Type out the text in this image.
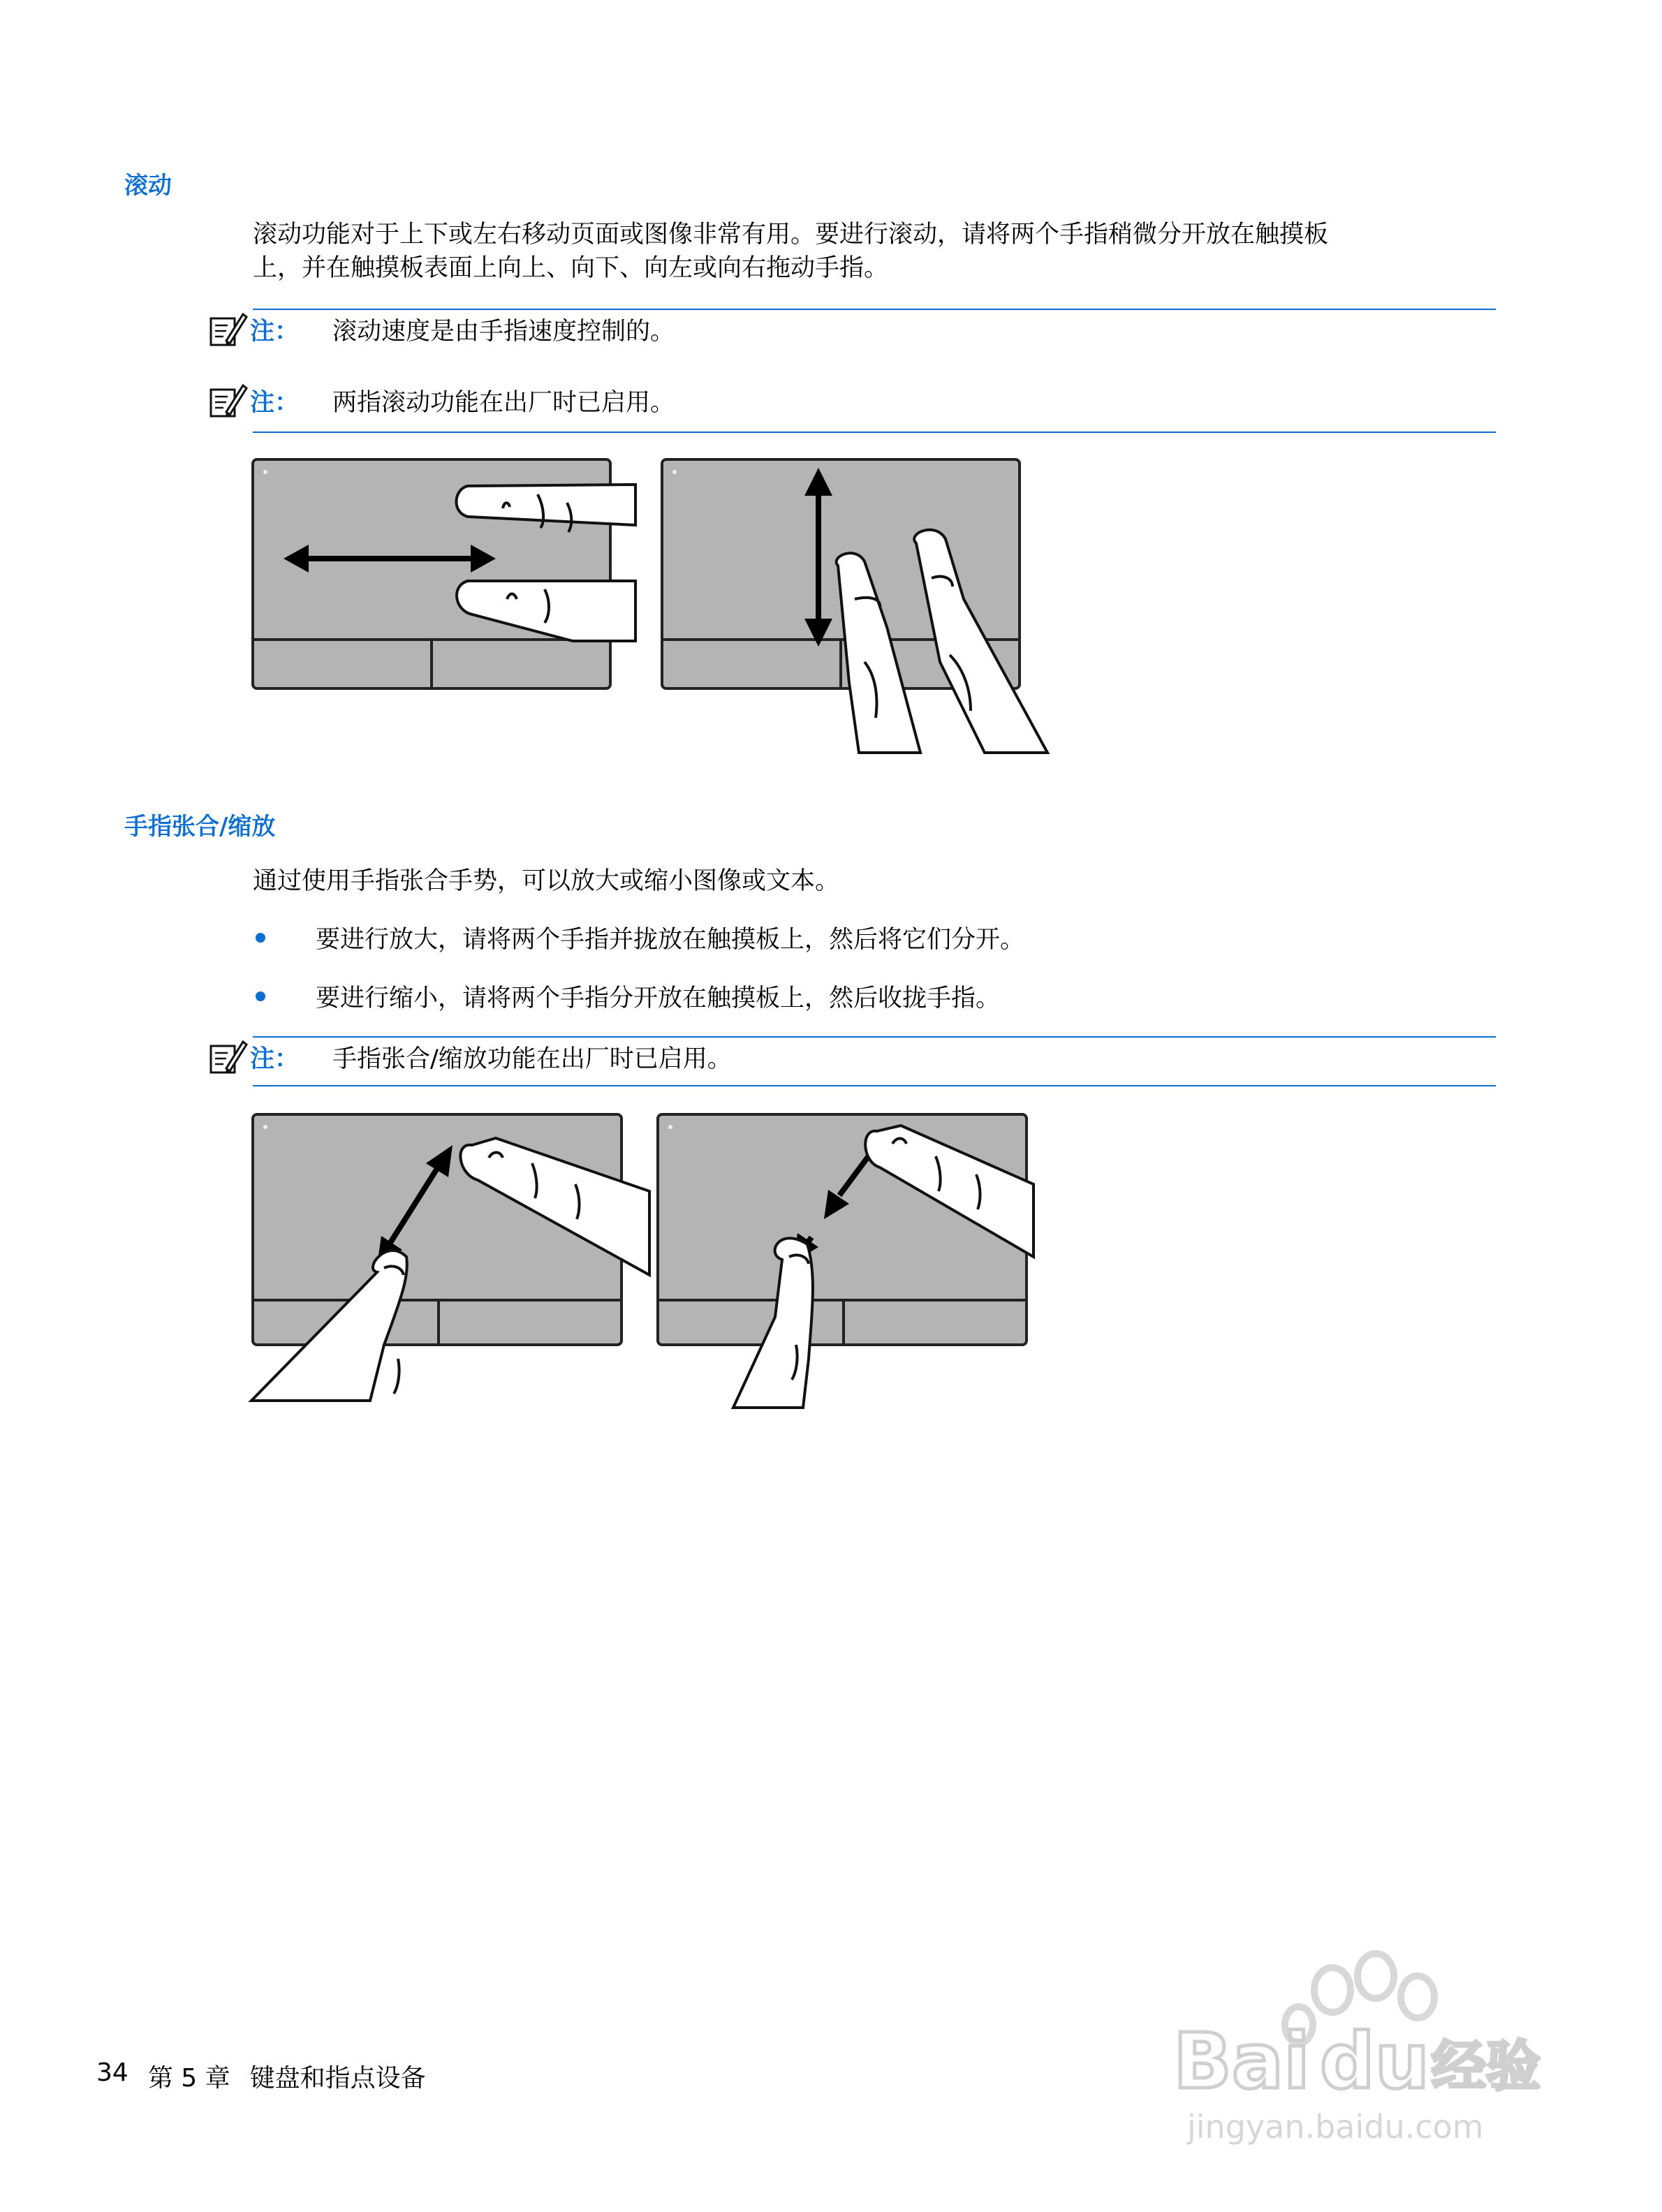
滚动
滚动功能对于上下或左右移动页面或图像非常有用。要进行滚动，请将两个手指稍微分开放在触摸板
上，并在触摸板表面上向上、向下、向左或向右拖动手指。
注：	滚动速度是由手指速度控制的。
注：	两指滚动功能在出厂时已启用。
手指张合/缩放
通过使用手指张合手势，可以放大或缩小图像或文本。
要进行放大，请将两个手指并拢放在触摸板上，然后将它们分开。
要进行缩小，请将两个手指分开放在触摸板上，然后收拢手指。
注：	手指张合/缩放功能在出厂时已启用。
34 第 5 章 键盘和指点设备	Bai du 经验
jingyan.baidu.com
